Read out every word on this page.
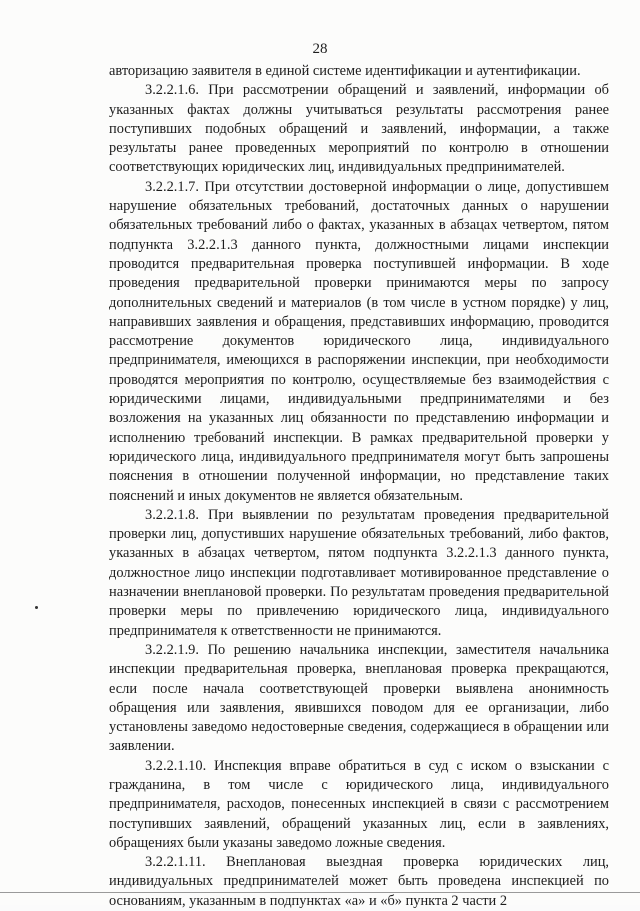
28

авторизацию заявителя в единой системе идентификации и аутентификации.

3.2.2.1.6. При рассмотрении обращений и заявлений, информации об указанных фактах должны учитываться результаты рассмотрения ранее поступивших подобных обращений и заявлений, информации, а также результаты ранее проведенных мероприятий по контролю в отношении соответствующих юридических лиц, индивидуальных предпринимателей.

3.2.2.1.7. При отсутствии достоверной информации о лице, допустившем нарушение обязательных требований, достаточных данных о нарушении обязательных требований либо о фактах, указанных в абзацах четвертом, пятом подпункта 3.2.2.1.3 данного пункта, должностными лицами инспекции проводится предварительная проверка поступившей информации. В ходе проведения предварительной проверки принимаются меры по запросу дополнительных сведений и материалов (в том числе в устном порядке) у лиц, направивших заявления и обращения, представивших информацию, проводится рассмотрение документов юридического лица, индивидуального предпринимателя, имеющихся в распоряжении инспекции, при необходимости проводятся мероприятия по контролю, осуществляемые без взаимодействия с юридическими лицами, индивидуальными предпринимателями и без возложения на указанных лиц обязанности по представлению информации и исполнению требований инспекции. В рамках предварительной проверки у юридического лица, индивидуального предпринимателя могут быть запрошены пояснения в отношении полученной информации, но представление таких пояснений и иных документов не является обязательным.

3.2.2.1.8. При выявлении по результатам проведения предварительной проверки лиц, допустивших нарушение обязательных требований, либо фактов, указанных в абзацах четвертом, пятом подпункта 3.2.2.1.3 данного пункта, должностное лицо инспекции подготавливает мотивированное представление о назначении внеплановой проверки. По результатам проведения предварительной проверки меры по привлечению юридического лица, индивидуального предпринимателя к ответственности не принимаются.

3.2.2.1.9. По решению начальника инспекции, заместителя начальника инспекции предварительная проверка, внеплановая проверка прекращаются, если после начала соответствующей проверки выявлена анонимность обращения или заявления, явившихся поводом для ее организации, либо установлены заведомо недостоверные сведения, содержащиеся в обращении или заявлении.

3.2.2.1.10. Инспекция вправе обратиться в суд с иском о взыскании с гражданина, в том числе с юридического лица, индивидуального предпринимателя, расходов, понесенных инспекцией в связи с рассмотрением поступивших заявлений, обращений указанных лиц, если в заявлениях, обращениях были указаны заведомо ложные сведения.

3.2.2.1.11. Внеплановая выездная проверка юридических лиц, индивидуальных предпринимателей может быть проведена инспекцией по основаниям, указанным в подпунктах «а» и «б» пункта 2 части 2
